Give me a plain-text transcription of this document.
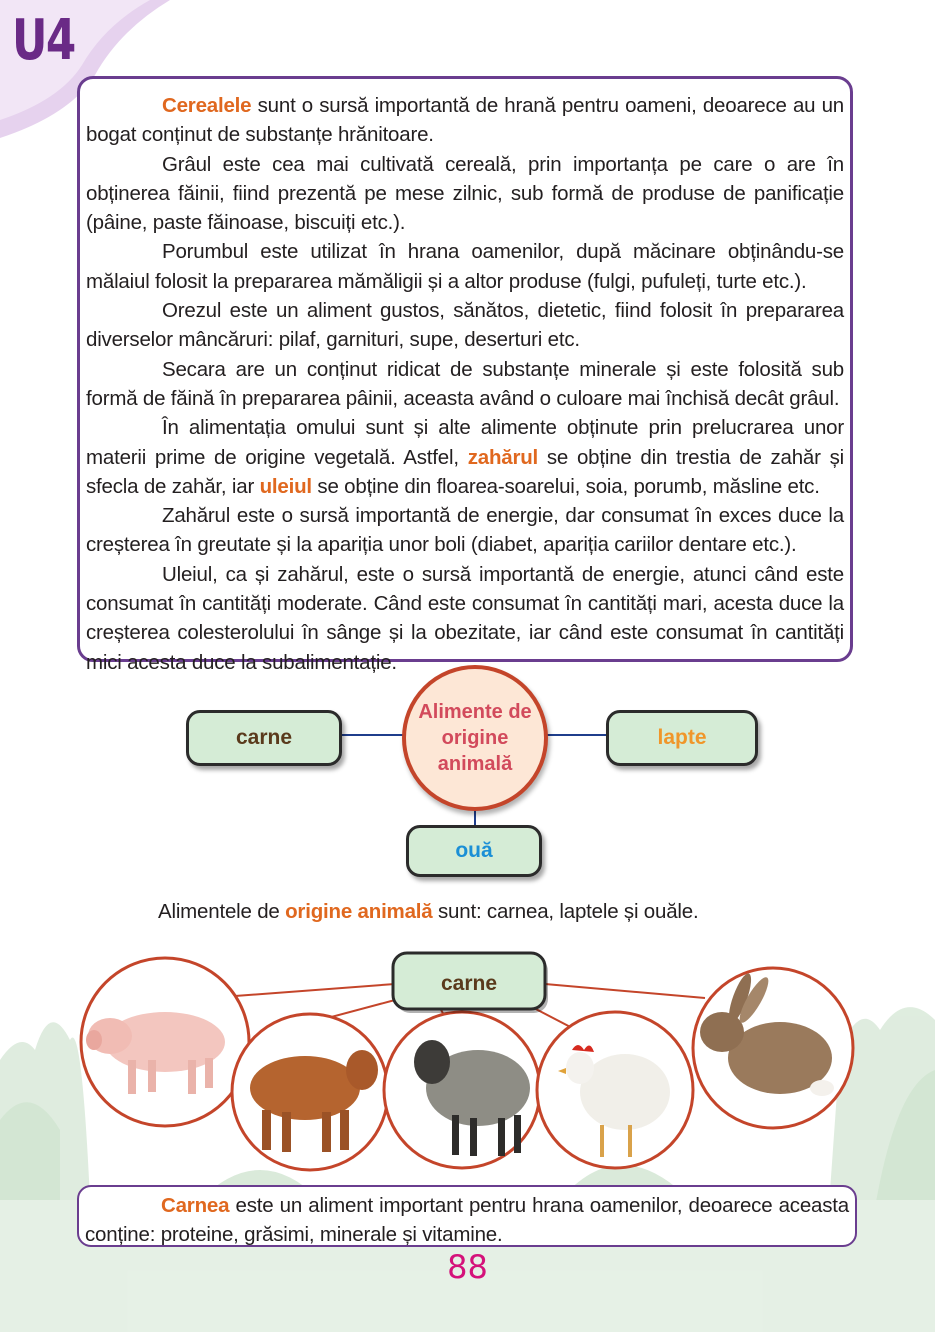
U4

Cerealele sunt o sursă importantă de hrană pentru oameni, deoarece au un bogat conținut de substanțe hrănitoare.

Grâul este cea mai cultivată cereală, prin importanța pe care o are în obținerea făinii, fiind prezentă pe mese zilnic, sub formă de produse de panificație (pâine, paste făinoase, biscuiți etc.).

Porumbul este utilizat în hrana oamenilor, după măcinare obținându-se mălaiul folosit la prepararea mămăligii și a altor produse (fulgi, pufuleți, turte etc.).

Orezul este un aliment gustos, sănătos, dietetic, fiind folosit în prepararea diverselor mâncăruri: pilaf, garnituri, supe, deserturi etc.

Secara are un conținut ridicat de substanțe minerale și este folosită sub formă de făină în prepararea pâinii, aceasta având o culoare mai închisă decât grâul.

În alimentația omului sunt și alte alimente obținute prin prelucrarea unor materii prime de origine vegetală. Astfel, zahărul se obține din trestia de zahăr și sfecla de zahăr, iar uleiul se obține din floarea-soarelui, soia, porumb, măsline etc.

Zahărul este o sursă importantă de energie, dar consumat în exces duce la creșterea în greutate și la apariția unor boli (diabet, apariția cariilor dentare etc.).

Uleiul, ca și zahărul, este o sursă importantă de energie, atunci când este consumat în cantități moderate. Când este consumat în cantități mari, acesta duce la creșterea colesterolului în sânge și la obezitate, iar când este consumat în cantități mici acesta duce la subalimentație.

carne	lapte
ouă
Alimente de origine animală
Alimentele de origine animală sunt: carnea, laptele și ouăle.
carne

Carnea este un aliment important pentru hrana oamenilor, deoarece aceasta conține: proteine, grăsimi, minerale și vitamine.

88
